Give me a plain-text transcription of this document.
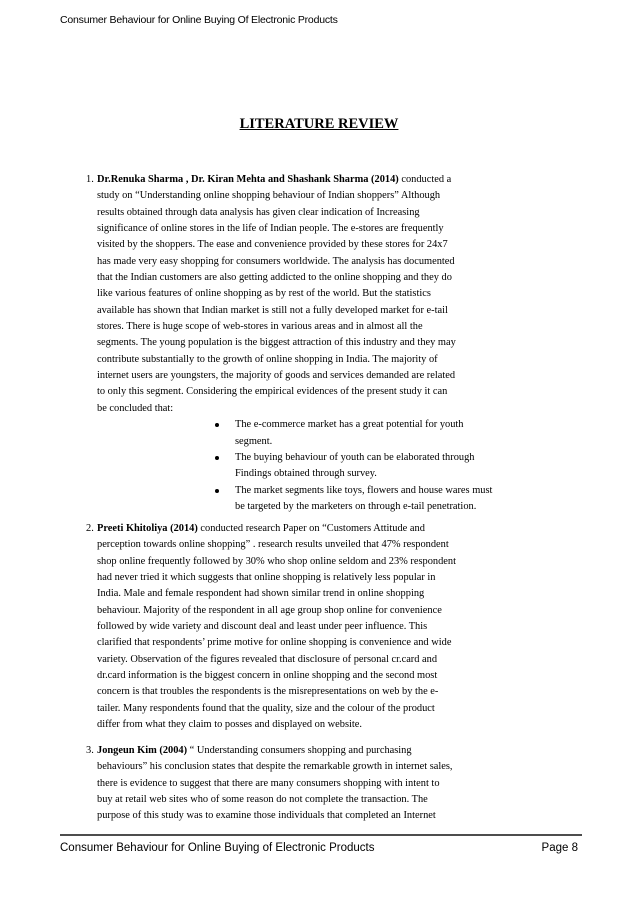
Consumer Behaviour for Online Buying Of Electronic Products
LITERATURE REVIEW
1. Dr.Renuka Sharma , Dr. Kiran Mehta and Shashank Sharma (2014) conducted a
study on “Understanding online shopping behaviour of Indian shoppers” Although
results obtained through data analysis has given clear indication of Increasing
significance of online stores in the life of Indian people. The e-stores are frequently
visited by the shoppers. The ease and convenience provided by these stores for 24x7
has made very easy shopping for consumers worldwide. The analysis has documented
that the Indian customers are also getting addicted to the online shopping and they do
like various features of online shopping as by rest of the world. But the statistics
available has shown that Indian market is still not a fully developed market for e-tail
stores. There is huge scope of web-stores in various areas and in almost all the
segments. The young population is the biggest attraction of this industry and they may
contribute substantially to the growth of online shopping in India. The majority of
internet users are youngsters, the majority of goods and services demanded are related
to only this segment. Considering the empirical evidences of the present study it can
be concluded that:
The e-commerce market has a great potential for youth
segment.
The buying behaviour of youth can be elaborated through
Findings obtained through survey.
The market segments like toys, flowers and house wares must
be targeted by the marketers on through e-tail penetration.
2. Preeti Khitoliya (2014) conducted research Paper on “Customers Attitude and
perception towards online shopping” . research results unveiled that 47% respondent
shop online frequently followed by 30% who shop online seldom and 23% respondent
had never tried it which suggests that online shopping is relatively less popular in
India. Male and female respondent had shown similar trend in online shopping
behaviour. Majority of the respondent in all age group shop online for convenience
followed by wide variety and discount deal and least under peer influence. This
clarified that respondents’ prime motive for online shopping is convenience and wide
variety. Observation of the figures revealed that disclosure of personal cr.card and
dr.card information is the biggest concern in online shopping and the second most
concern is that troubles the respondents is the misrepresentations on web by the e-
tailer. Many respondents found that the quality, size and the colour of the product
differ from what they claim to posses and displayed on website.
3. Jongeun Kim (2004) “ Understanding consumers shopping and purchasing
behaviours” his conclusion states that despite the remarkable growth in internet sales,
there is evidence to suggest that there are many consumers shopping with intent to
buy at retail web sites who of some reason do not complete the transaction. The
purpose of this study was to examine those individuals that completed an Internet
Consumer Behaviour for Online Buying of Electronic Products	Page 8
